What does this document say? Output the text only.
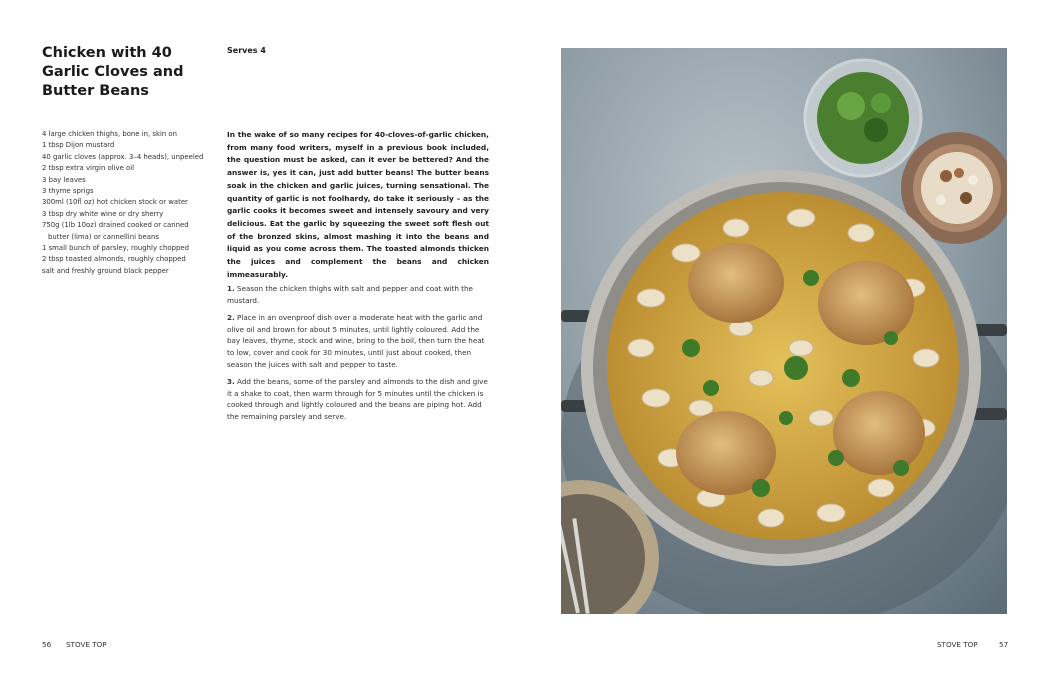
Chicken with 40
Garlic Cloves and
Butter Beans
Serves 4
4 large chicken thighs, bone in, skin on
1 tbsp Dijon mustard
40 garlic cloves (approx. 3–4 heads), unpeeled
2 tbsp extra virgin olive oil
3 bay leaves
3 thyme sprigs
300ml (10fl oz) hot chicken stock or water
3 tbsp dry white wine or dry sherry
750g (1lb 10oz) drained cooked or canned
butter (lima) or cannellini beans
1 small bunch of parsley, roughly chopped
2 tbsp toasted almonds, roughly chopped
salt and freshly ground black pepper

In the wake of so many recipes for 40-cloves-of-garlic chicken, from many food writers, myself in a previous book included, the question must be asked, can it ever be bettered? And the answer is, yes it can, just add butter beans! The butter beans soak in the chicken and garlic juices, turning sensational. The quantity of garlic is not foolhardy, do take it seriously – as the garlic cooks it becomes sweet and intensely savoury and very delicious. Eat the garlic by squeezing the sweet soft flesh out of the bronzed skins, almost mashing it into the beans and liquid as you come across them. The toasted almonds thicken the juices and complement the beans and chicken immeasurably.

1. Season the chicken thighs with salt and pepper and coat with the mustard.

2. Place in an ovenproof dish over a moderate heat with the garlic and olive oil and brown for about 5 minutes, until lightly coloured. Add the bay leaves, thyme, stock and wine, bring to the boil, then turn the heat to low, cover and cook for 30 minutes, until just about cooked, then season the juices with salt and pepper to taste.

3. Add the beans, some of the parsley and almonds to the dish and give it a shake to coat, then warm through for 5 minutes until the chicken is cooked through and lightly coloured and the beans are piping hot. Add the remaining parsley and serve.

56 STOVE TOP	STOVE TOP	57
